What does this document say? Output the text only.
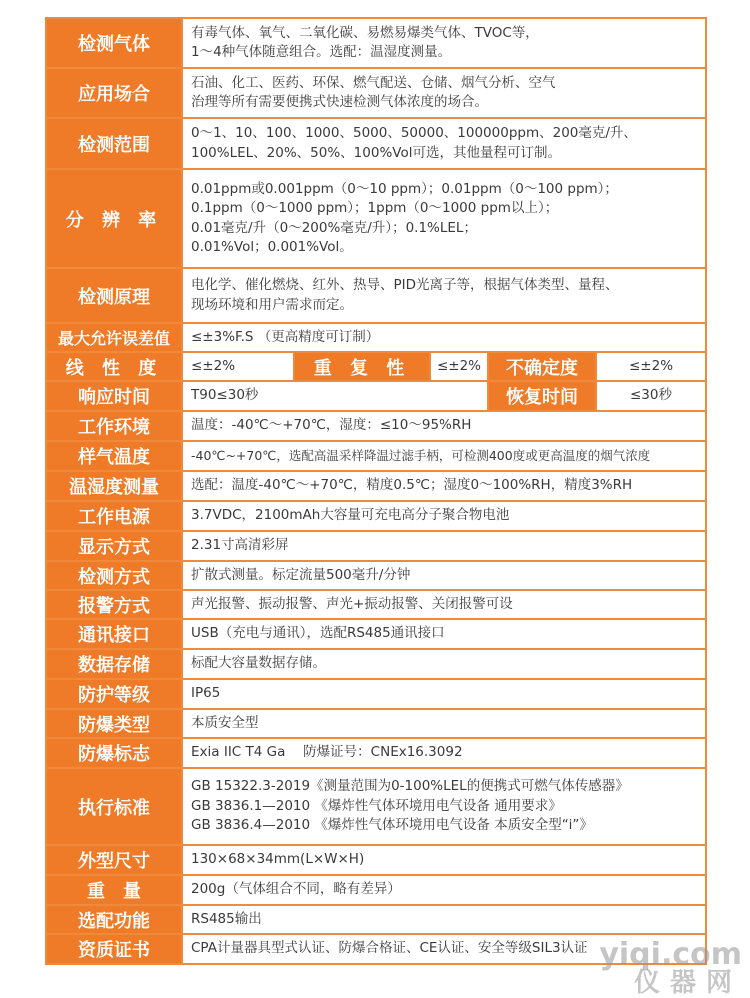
检测气体	有毒气体、氧气、二氧化碳、易燃易爆类气体、TVOC等，
1～4种气体随意组合。选配：温湿度测量。				

应用场合	石油、化工、医药、环保、燃气配送、仓储、烟气分析、空气
治理等所有需要便携式快速检测气体浓度的场合。				

检测范围	0～1、10、100、1000、5000、50000、100000ppm、200毫克/升、
100%LEL、20%、50%、100%Vol可选，其他量程可订制。				

分 辨 率	0.01ppm或0.001ppm（0～10 ppm）；0.01ppm（0～100 ppm）；
0.1ppm（0～1000 ppm）；1ppm（0～1000 ppm以上）；
0.01毫克/升（0～200%毫克/升）；0.1%LEL；
0.01%Vol；0.001%Vol。				

检测原理	电化学、催化燃烧、红外、热导、PID光离子等，根据气体类型、量程、
现场环境和用户需求而定。				

最大允许误差值	≤±3%F.S （更高精度可订制）				

线 性 度	≤±2%	重 复 性	≤±2%	不确定度	≤±2%
响应时间	T90≤30秒			恢复时间	≤30秒
工作环境	温度：-40℃～+70℃，湿度：≤10～95%RH				

样气温度	-40℃~+70℃，选配高温采样降温过滤手柄，可检测400度或更高温度的烟气浓度				

温湿度测量	选配：温度-40℃～+70℃，精度0.5℃；湿度0～100%RH，精度3%RH				

工作电源	3.7VDC，2100mAh大容量可充电高分子聚合物电池				

显示方式	2.31寸高清彩屏				

检测方式	扩散式测量。标定流量500毫升/分钟				

报警方式	声光报警、振动报警、声光+振动报警、关闭报警可设				

通讯接口	USB（充电与通讯），选配RS485通讯接口				

数据存储	标配大容量数据存储。				

防护等级	IP65				

防爆类型	本质安全型				

防爆标志	Exia IIC T4 Ga　 防爆证号：CNEx16.3092				

执行标准	GB 15322.3-2019《测量范围为0-100%LEL的便携式可燃气体传感器》
GB 3836.1—2010 《爆炸性气体环境用电气设备 通用要求》
GB 3836.4—2010 《爆炸性气体环境用电气设备 本质安全型“i”》				

外型尺寸	130×68×34mm(L×W×H)				

重　量	200g（气体组合不同，略有差异）				

选配功能	RS485输出				

资质证书	CPA计量器具型式认证、防爆合格证、CE认证、安全等级SIL3认证				yiqi.com
仪器网
